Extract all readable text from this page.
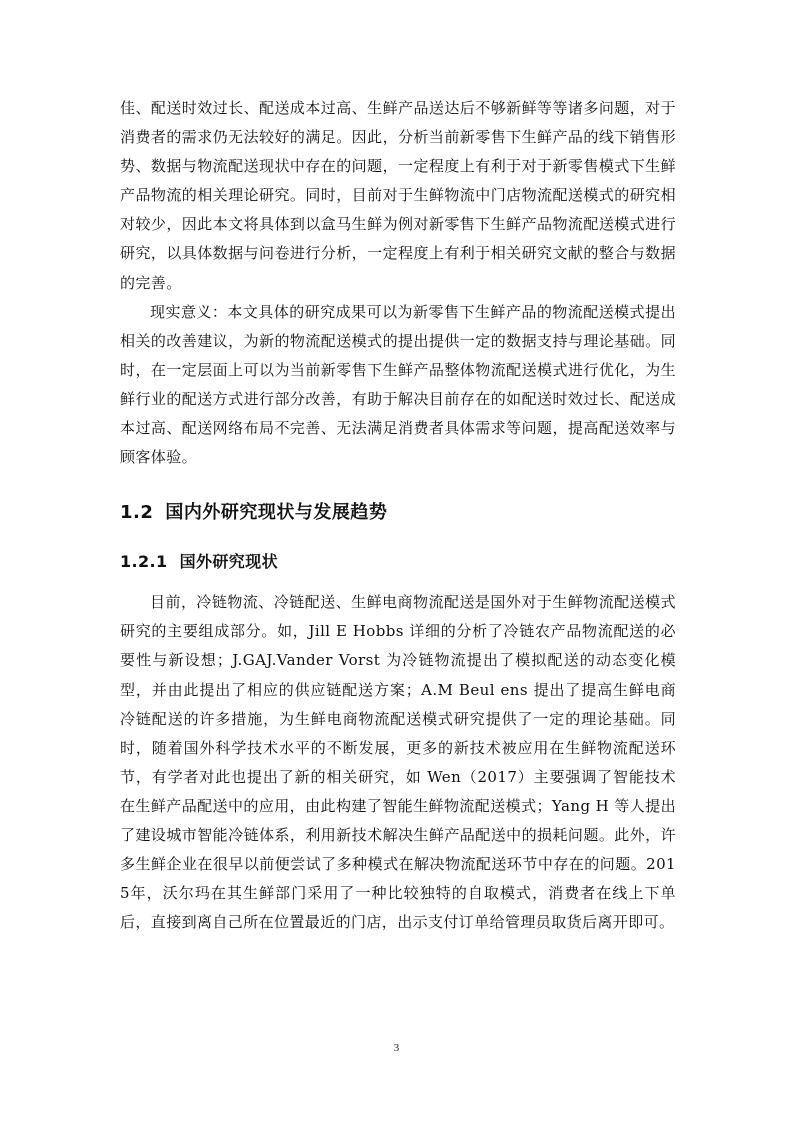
佳、配送时效过长、配送成本过高、生鲜产品送达后不够新鲜等等诸多问题，对于消费者的需求仍无法较好的满足。因此，分析当前新零售下生鲜产品的线下销售形势、数据与物流配送现状中存在的问题，一定程度上有利于对于新零售模式下生鲜产品物流的相关理论研究。同时，目前对于生鲜物流中门店物流配送模式的研究相对较少，因此本文将具体到以盒马生鲜为例对新零售下生鲜产品物流配送模式进行研究，以具体数据与问卷进行分析，一定程度上有利于相关研究文献的整合与数据的完善。

现实意义：本文具体的研究成果可以为新零售下生鲜产品的物流配送模式提出相关的改善建议，为新的物流配送模式的提出提供一定的数据支持与理论基础。同时，在一定层面上可以为当前新零售下生鲜产品整体物流配送模式进行优化，为生鲜行业的配送方式进行部分改善，有助于解决目前存在的如配送时效过长、配送成本过高、配送网络布局不完善、无法满足消费者具体需求等问题，提高配送效率与顾客体验。

1.2 国内外研究现状与发展趋势
1.2.1 国外研究现状

目前，冷链物流、冷链配送、生鲜电商物流配送是国外对于生鲜物流配送模式研究的主要组成部分。如，Jill E Hobbs 详细的分析了冷链农产品物流配送的必要性与新设想；J.GAJ.Vander Vorst 为冷链物流提出了模拟配送的动态变化模型，并由此提出了相应的供应链配送方案；A.M Beul ens 提出了提高生鲜电商冷链配送的许多措施，为生鲜电商物流配送模式研究提供了一定的理论基础。同时，随着国外科学技术水平的不断发展，更多的新技术被应用在生鲜物流配送环节，有学者对此也提出了新的相关研究，如 Wen（2017）主要强调了智能技术在生鲜产品配送中的应用，由此构建了智能生鲜物流配送模式；Yang H 等人提出了建设城市智能冷链体系，利用新技术解决生鲜产品配送中的损耗问题。此外，许多生鲜企业在很早以前便尝试了多种模式在解决物流配送环节中存在的问题。2015年，沃尔玛在其生鲜部门采用了一种比较独特的自取模式，消费者在线上下单后，直接到离自己所在位置最近的门店，出示支付订单给管理员取货后离开即可。

3
